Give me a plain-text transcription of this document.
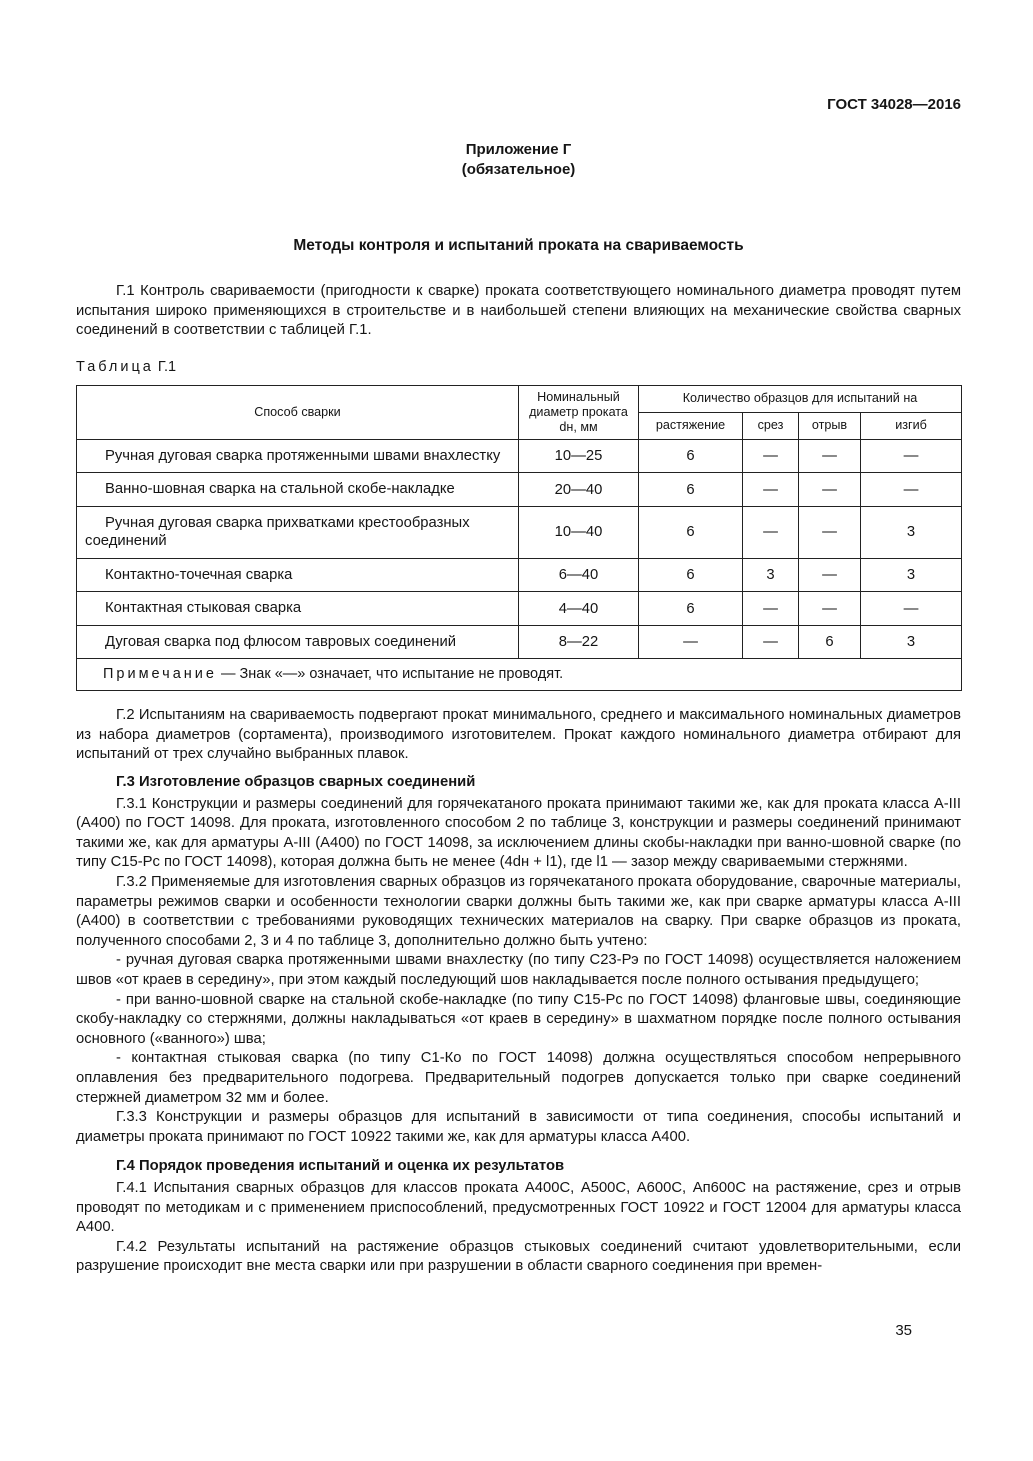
ГОСТ 34028—2016
Приложение Г
(обязательное)
Методы контроля и испытаний проката на свариваемость

Г.1 Контроль свариваемости (пригодности к сварке) проката соответствующего номинального диаметра проводят путем испытания широко применяющихся в строительстве и в наибольшей степени влияющих на механические свойства сварных соединений в соответствии с таблицей Г.1.

Таблица Г.1
Способ сварки	Номинальный диаметр проката dн, мм	Количество образцов для испытаний на			
		растяжение	срез	отрыв	изгиб
Ручная дуговая сварка протяженными швами внахлестку	10—25	6	—	—	—
Ванно-шовная сварка на стальной скобе-накладке	20—40	6	—	—	—
Ручная дуговая сварка прихватками крестообразных соединений	10—40	6	—	—	3
Контактно-точечная сварка	6—40	6	3	—	3
Контактная стыковая сварка	4—40	6	—	—	—
Дуговая сварка под флюсом тавровых соединений	8—22	—	—	6	3
Примечание — Знак «—» означает, что испытание не проводят.					

Г.2 Испытаниям на свариваемость подвергают прокат минимального, среднего и максимального номинальных диаметров из набора диаметров (сортамента), производимого изготовителем. Прокат каждого номинального диаметра отбирают для испытаний от трех случайно выбранных плавок.

Г.3 Изготовление образцов сварных соединений

Г.3.1 Конструкции и размеры соединений для горячекатаного проката принимают такими же, как для проката класса А-III (А400) по ГОСТ 14098. Для проката, изготовленного способом 2 по таблице 3, конструкции и размеры соединений принимают такими же, как для арматуры А-III (А400) по ГОСТ 14098, за исключением длины скобы-накладки при ванно-шовной сварке (по типу С15-Рс по ГОСТ 14098), которая должна быть не менее (4dн + l1), где l1 — зазор между свариваемыми стержнями.

Г.3.2 Применяемые для изготовления сварных образцов из горячекатаного проката оборудование, сварочные материалы, параметры режимов сварки и особенности технологии сварки должны быть такими же, как при сварке арматуры класса А-III (А400) в соответствии с требованиями руководящих технических материалов на сварку. При сварке образцов из проката, полученного способами 2, 3 и 4 по таблице 3, дополнительно должно быть учтено:

- ручная дуговая сварка протяженными швами внахлестку (по типу С23-Рэ по ГОСТ 14098) осуществляется наложением швов «от краев в середину», при этом каждый последующий шов накладывается после полного остывания предыдущего;

- при ванно-шовной сварке на стальной скобе-накладке (по типу С15-Рс по ГОСТ 14098) фланговые швы, соединяющие скобу-накладку со стержнями, должны накладываться «от краев в середину» в шахматном порядке после полного остывания основного («ванного») шва;

- контактная стыковая сварка (по типу С1-Ко по ГОСТ 14098) должна осуществляться способом непрерывного оплавления без предварительного подогрева. Предварительный подогрев допускается только при сварке соединений стержней диаметром 32 мм и более.

Г.3.3 Конструкции и размеры образцов для испытаний в зависимости от типа соединения, способы испытаний и диаметры проката принимают по ГОСТ 10922 такими же, как для арматуры класса А400.

Г.4 Порядок проведения испытаний и оценка их результатов

Г.4.1 Испытания сварных образцов для классов проката А400С, А500С, А600С, Ап600С на растяжение, срез и отрыв проводят по методикам и с применением приспособлений, предусмотренных ГОСТ 10922 и ГОСТ 12004 для арматуры класса А400.

Г.4.2 Результаты испытаний на растяжение образцов стыковых соединений считают удовлетворительными, если разрушение происходит вне места сварки или при разрушении в области сварного соединения при времен-

35
